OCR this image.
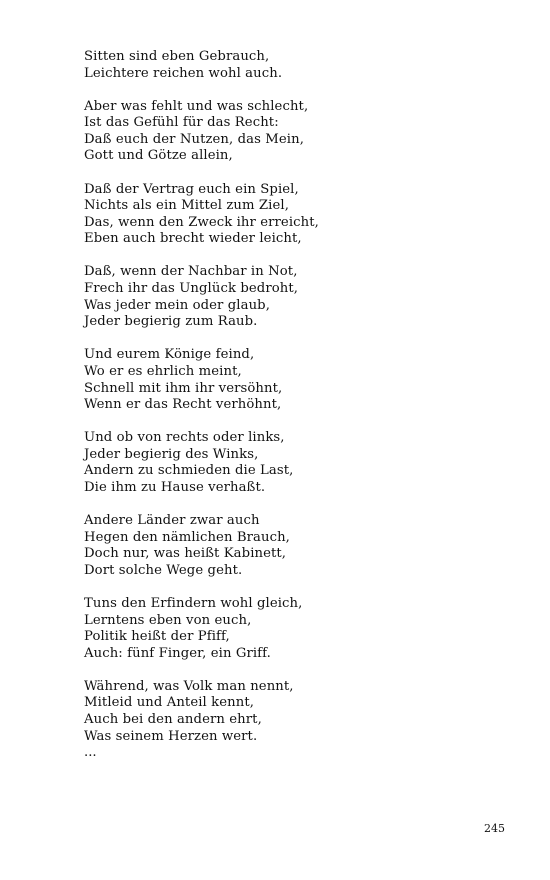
Sitten sind eben Gebrauch,
Leichtere reichen wohl auch.
Aber was fehlt und was schlecht,
Ist das Gefühl für das Recht:
Daß euch der Nutzen, das Mein,
Gott und Götze allein,
Daß der Vertrag euch ein Spiel,
Nichts als ein Mittel zum Ziel,
Das, wenn den Zweck ihr erreicht,
Eben auch brecht wieder leicht,
Daß, wenn der Nachbar in Not,
Frech ihr das Unglück bedroht,
Was jeder mein oder glaub,
Jeder begierig zum Raub.
Und eurem Könige feind,
Wo er es ehrlich meint,
Schnell mit ihm ihr versöhnt,
Wenn er das Recht verhöhnt,
Und ob von rechts oder links,
Jeder begierig des Winks,
Andern zu schmieden die Last,
Die ihm zu Hause verhaßt.
Andere Länder zwar auch
Hegen den nämlichen Brauch,
Doch nur, was heißt Kabinett,
Dort solche Wege geht.
Tuns den Erfindern wohl gleich,
Lerntens eben von euch,
Politik heißt der Pfiff,
Auch: fünf Finger, ein Griff.
Während, was Volk man nennt,
Mitleid und Anteil kennt,
Auch bei den andern ehrt,
Was seinem Herzen wert.
...
245
